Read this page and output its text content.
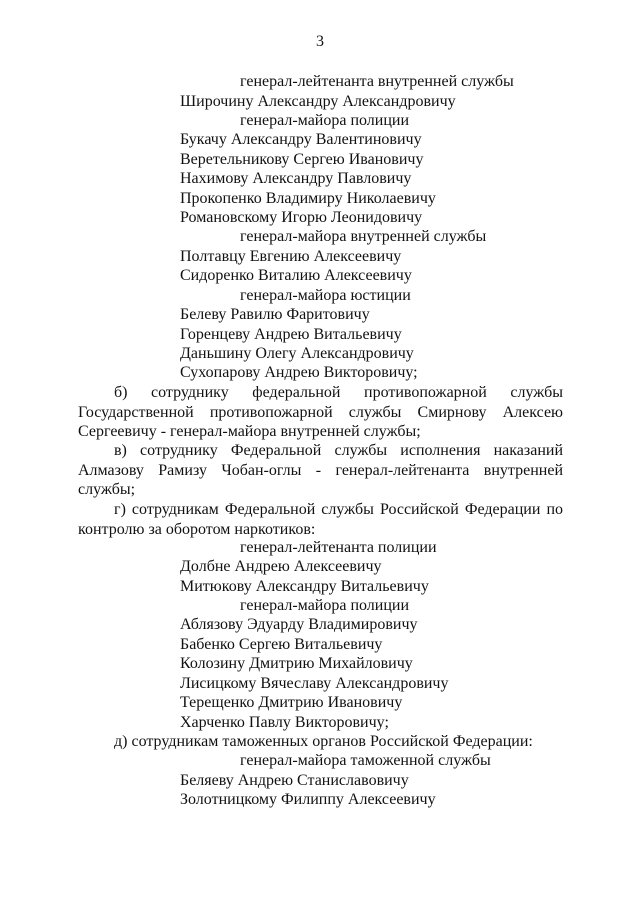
3
генерал-лейтенанта внутренней службы
Широчину Александру Александровичу
генерал-майора полиции
Букачу Александру Валентиновичу
Веретельникову Сергею Ивановичу
Нахимову Александру Павловичу
Прокопенко Владимиру Николаевичу
Романовскому Игорю Леонидовичу
генерал-майора внутренней службы
Полтавцу Евгению Алексеевичу
Сидоренко Виталию Алексеевичу
генерал-майора юстиции
Белеву Равилю Фаритовичу
Горенцеву Андрею Витальевичу
Даньшину Олегу Александровичу
Сухопарову Андрею Викторовичу;
б) сотруднику федеральной противопожарной службы Государственной противопожарной службы Смирнову Алексею Сергеевичу - генерал-майора внутренней службы;
в) сотруднику Федеральной службы исполнения наказаний Алмазову Рамизу Чобан-оглы - генерал-лейтенанта внутренней службы;
г) сотрудникам Федеральной службы Российской Федерации по контролю за оборотом наркотиков:
генерал-лейтенанта полиции
Долбне Андрею Алексеевичу
Митюкову Александру Витальевичу
генерал-майора полиции
Аблязову Эдуарду Владимировичу
Бабенко Сергею Витальевичу
Колозину Дмитрию Михайловичу
Лисицкому Вячеславу Александровичу
Терещенко Дмитрию Ивановичу
Харченко Павлу Викторовичу;
д) сотрудникам таможенных органов Российской Федерации:
генерал-майора таможенной службы
Беляеву Андрею Станиславовичу
Золотницкому Филиппу Алексеевичу
